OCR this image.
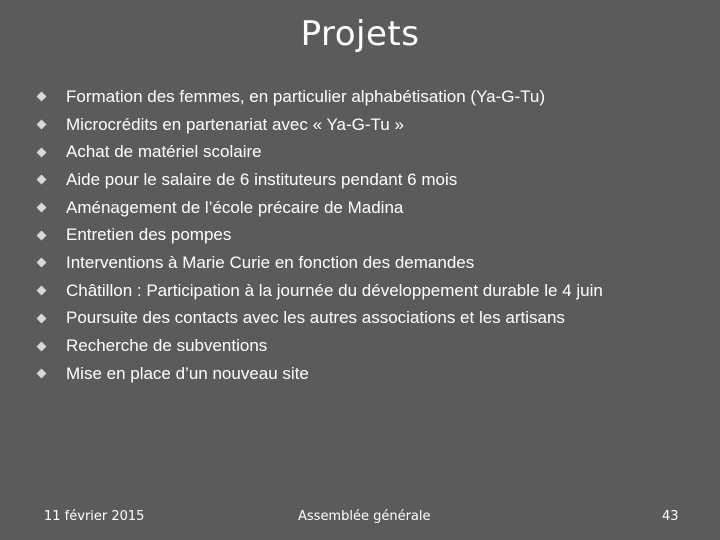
Projets
Formation des femmes, en particulier alphabétisation (Ya-G-Tu)
Microcrédits en partenariat avec « Ya-G-Tu »
Achat de matériel scolaire
Aide pour le salaire de 6 instituteurs pendant 6 mois
Aménagement de l’école précaire de Madina
Entretien des pompes
Interventions à Marie Curie en fonction des demandes
Châtillon : Participation à la journée du développement durable le 4 juin
Poursuite des contacts avec les autres associations et les artisans
Recherche de subventions
Mise en place d’un nouveau site
11 février 2015	Assemblée générale	43
